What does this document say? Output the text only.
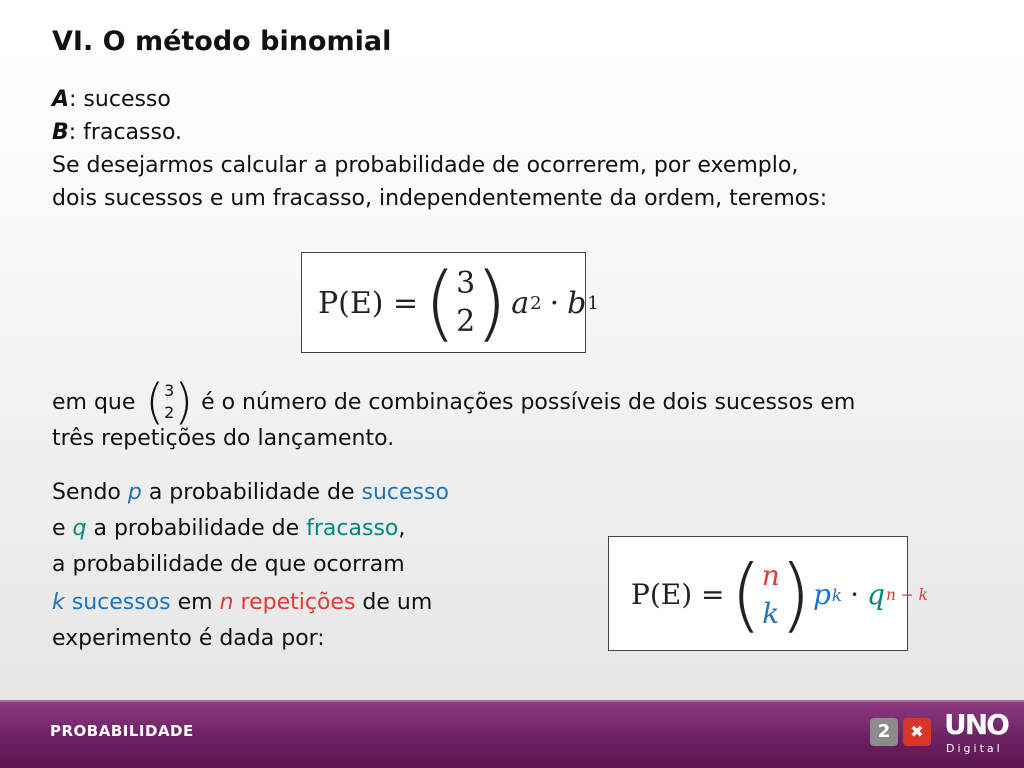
VI. O método binomial
A: sucesso
B: fracasso.
Se desejarmos calcular a probabilidade de ocorrerem, por exemplo,
dois sucessos e um fracasso, independentemente da ordem, teremos:
P(E) = ( 3
2 ) a 2 · b 1
em que ( 3
2 ) é o número de combinações possíveis de dois sucessos em
três repetições do lançamento.
Sendo p a probabilidade de sucesso
e q a probabilidade de fracasso,
a probabilidade de que ocorram
k sucessos em n repetições de um
experimento é dada por:
P(E) = ( n
k ) p k · q n − k
PROBABILIDADE	2	✖ UNO
Digital
